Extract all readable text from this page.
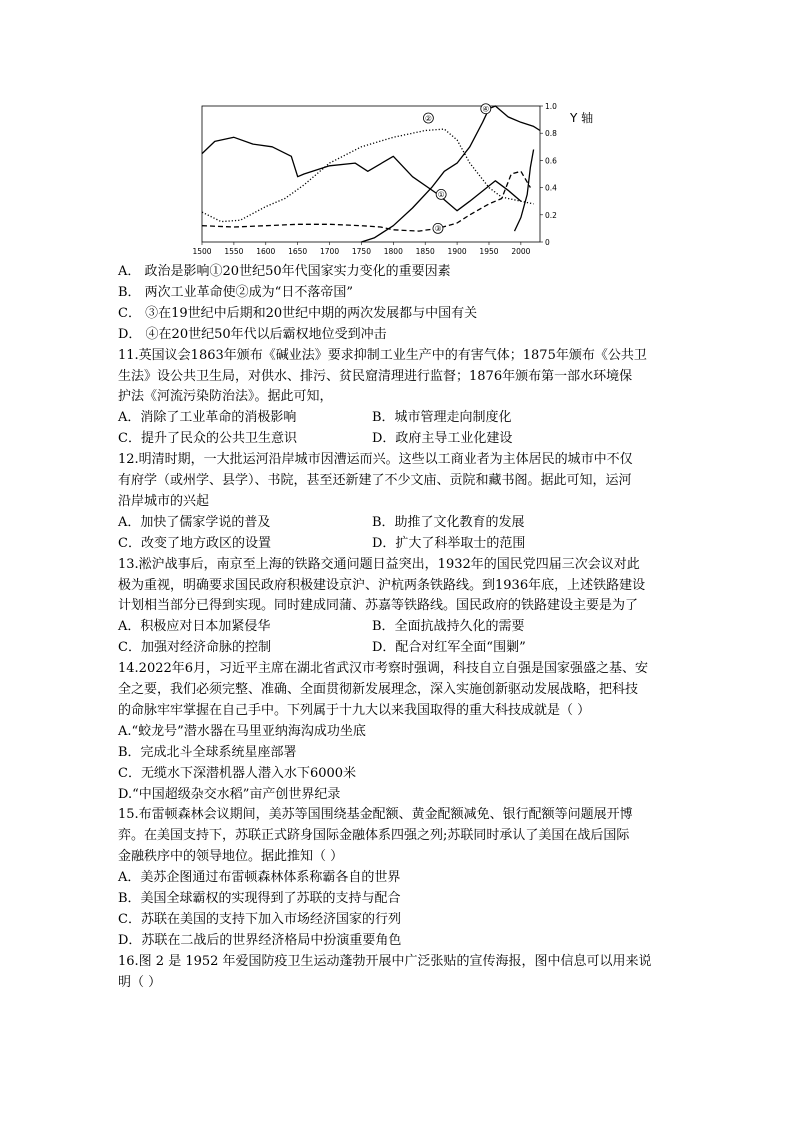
1500 1550 1600 1650 1700 1750 1800 1850 1900 1950 2000
0
0.2
0.4
0.6
0.8
1.0
Y 轴
①
②
③
④
A． 政治是影响①20世纪50年代国家实力变化的重要因素
B． 两次工业革命使②成为“日不落帝国”
C． ③在19世纪中后期和20世纪中期的两次发展都与中国有关
D． ④在20世纪50年代以后霸权地位受到冲击
11.英国议会1863年颁布《碱业法》要求抑制工业生产中的有害气体；1875年颁布《公共卫
生法》设公共卫生局，对供水、排污、贫民窟清理进行监督；1876年颁布第一部水环境保
护法《河流污染防治法》。据此可知，
A．消除了工业革命的消极影响	B．城市管理走向制度化
C．提升了民众的公共卫生意识	D．政府主导工业化建设
12.明清时期，一大批运河沿岸城市因漕运而兴。这些以工商业者为主体居民的城市中不仅
有府学（或州学、县学）、书院，甚至还新建了不少文庙、贡院和藏书阁。据此可知，运河
沿岸城市的兴起
A．加快了儒家学说的普及	B．助推了文化教育的发展
C．改变了地方政区的设置	D．扩大了科举取士的范围
13.淞沪战事后，南京至上海的铁路交通问题日益突出，1932年的国民党四届三次会议对此
极为重视，明确要求国民政府积极建设京沪、沪杭两条铁路线。到1936年底，上述铁路建设
计划相当部分已得到实现。同时建成同蒲、苏嘉等铁路线。国民政府的铁路建设主要是为了
A．积极应对日本加紧侵华	B．全面抗战持久化的需要
C．加强对经济命脉的控制	D．配合对红军全面“围剿”
14.2022年6月，习近平主席在湖北省武汉市考察时强调，科技自立自强是国家强盛之基、安
全之要，我们必须完整、准确、全面贯彻新发展理念，深入实施创新驱动发展战略，把科技
的命脉牢牢掌握在自己手中。下列属于十九大以来我国取得的重大科技成就是（ ）
A.“蛟龙号”潜水器在马里亚纳海沟成功坐底
B．完成北斗全球系统星座部署
C．无缆水下深潜机器人潜入水下6000米
D.“中国超级杂交水稻”亩产创世界纪录
15.布雷顿森林会议期间，美苏等国围绕基金配额、黄金配额减免、银行配额等问题展开博
弈。在美国支持下，苏联正式跻身国际金融体系四强之列;苏联同时承认了美国在战后国际
金融秩序中的领导地位。据此推知（ ）
A．美苏企图通过布雷顿森林体系称霸各自的世界
B．美国全球霸权的实现得到了苏联的支持与配合
C．苏联在美国的支持下加入市场经济国家的行列
D．苏联在二战后的世界经济格局中扮演重要角色
16.图 2 是 1952 年爱国防疫卫生运动蓬勃开展中广泛张贴的宣传海报，图中信息可以用来说
明（ ）
